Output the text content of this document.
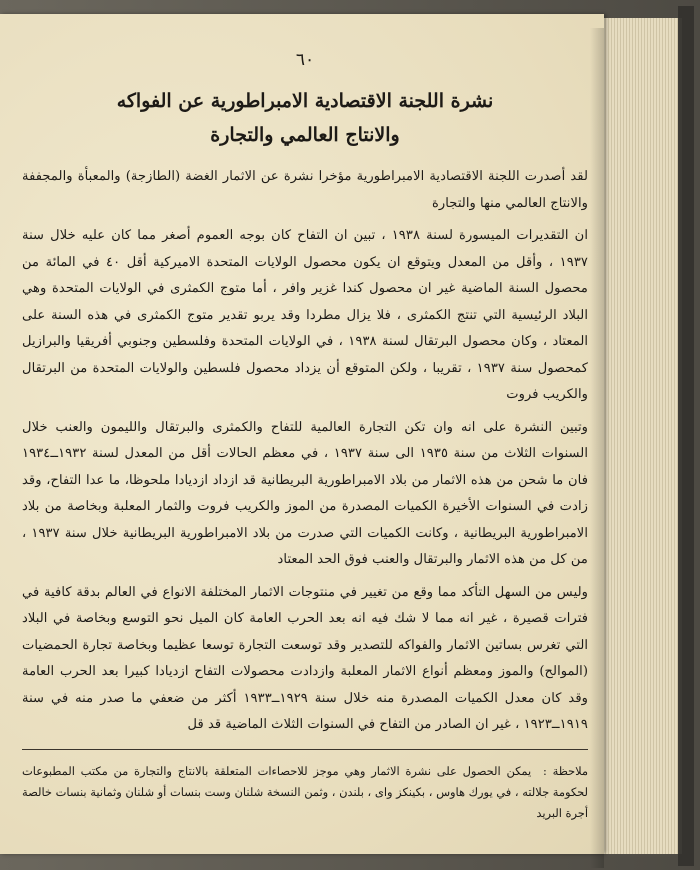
٦٠
نشرة اللجنة الاقتصادية الامبراطورية عن الفواكه
والانتاج العالمي والتجارة

لقد أصدرت اللجنة الاقتصادية الامبراطورية مؤخرا نشرة عن الاثمار الغضة (الطازجة) والمعبأة والمجففة والانتاج العالمي منها والتجارة

ان التقديرات الميسورة لسنة ١٩٣٨ ، تبين ان التفاح كان بوجه العموم أصغر مما كان عليه خلال سنة ١٩٣٧ ، وأقل من المعدل ويتوقع ان يكون محصول الولايات المتحدة الاميركية أقل ٤٠ في المائة من محصول السنة الماضية غير ان محصول كندا غزير وافر ، أما متوج الكمثرى في الولايات المتحدة وهي البلاد الرئيسية التي تنتج الكمثرى ، فلا يزال مطردا وقد يربو تقدير متوج الكمثرى في هذه السنة على المعتاد ، وكان محصول البرتقال لسنة ١٩٣٨ ، في الولايات المتحدة وفلسطين وجنوبي أفريقيا والبرازيل كمحصول سنة ١٩٣٧ ، تقريبا ، ولكن المتوقع أن يزداد محصول فلسطين والولايات المتحدة من البرتقال والكريب فروت

وتبين النشرة على انه وان تكن التجارة العالمية للتفاح والكمثرى والبرتقال والليمون والعنب خلال السنوات الثلاث من سنة ١٩٣٥ الى سنة ١٩٣٧ ، في معظم الحالات أقل من المعدل لسنة ١٩٣٢ــ١٩٣٤ فان ما شحن من هذه الاثمار من بلاد الامبراطورية البريطانية قد ازداد ازديادا ملحوظا، ما عدا التفاح، وقد زادت في السنوات الأخيرة الكميات المصدرة من الموز والكريب فروت والثمار المعلبة وبخاصة من بلاد الامبراطورية البريطانية ، وكانت الكميات التي صدرت من بلاد الامبراطورية البريطانية خلال سنة ١٩٣٧ ، من كل من هذه الاثمار والبرتقال والعنب فوق الحد المعتاد

وليس من السهل التأكد مما وقع من تغيير في منتوجات الاثمار المختلفة الانواع في العالم بدقة كافية في فترات قصيرة ، غير انه مما لا شك فيه انه بعد الحرب العامة كان الميل نحو التوسع وبخاصة في البلاد التي تغرس بساتين الاثمار والفواكه للتصدير وقد توسعت التجارة توسعا عظيما وبخاصة تجارة الحمضيات (الموالح) والموز ومعظم أنواع الاثمار المعلبة وازدادت محصولات التفاح ازديادا كبيرا بعد الحرب العامة وقد كان معدل الكميات المصدرة منه خلال سنة ١٩٢٩ــ١٩٣٣ أكثر من ضعفي ما صدر منه في سنة ١٩١٩ــ١٩٢٣ ، غير ان الصادر من التفاح في السنوات الثلاث الماضية قد قل

ملاحظة : يمكن الحصول على نشرة الاثمار وهي موجز للاحصاءات المتعلقة بالانتاج والتجارة من مكتب المطبوعات لحكومة جلالته ، في يورك هاوس ، بكينكز واى ، بلندن ، وثمن النسخة شلنان وست بنسات أو شلنان وثمانية بنسات خالصة أجرة البريد
